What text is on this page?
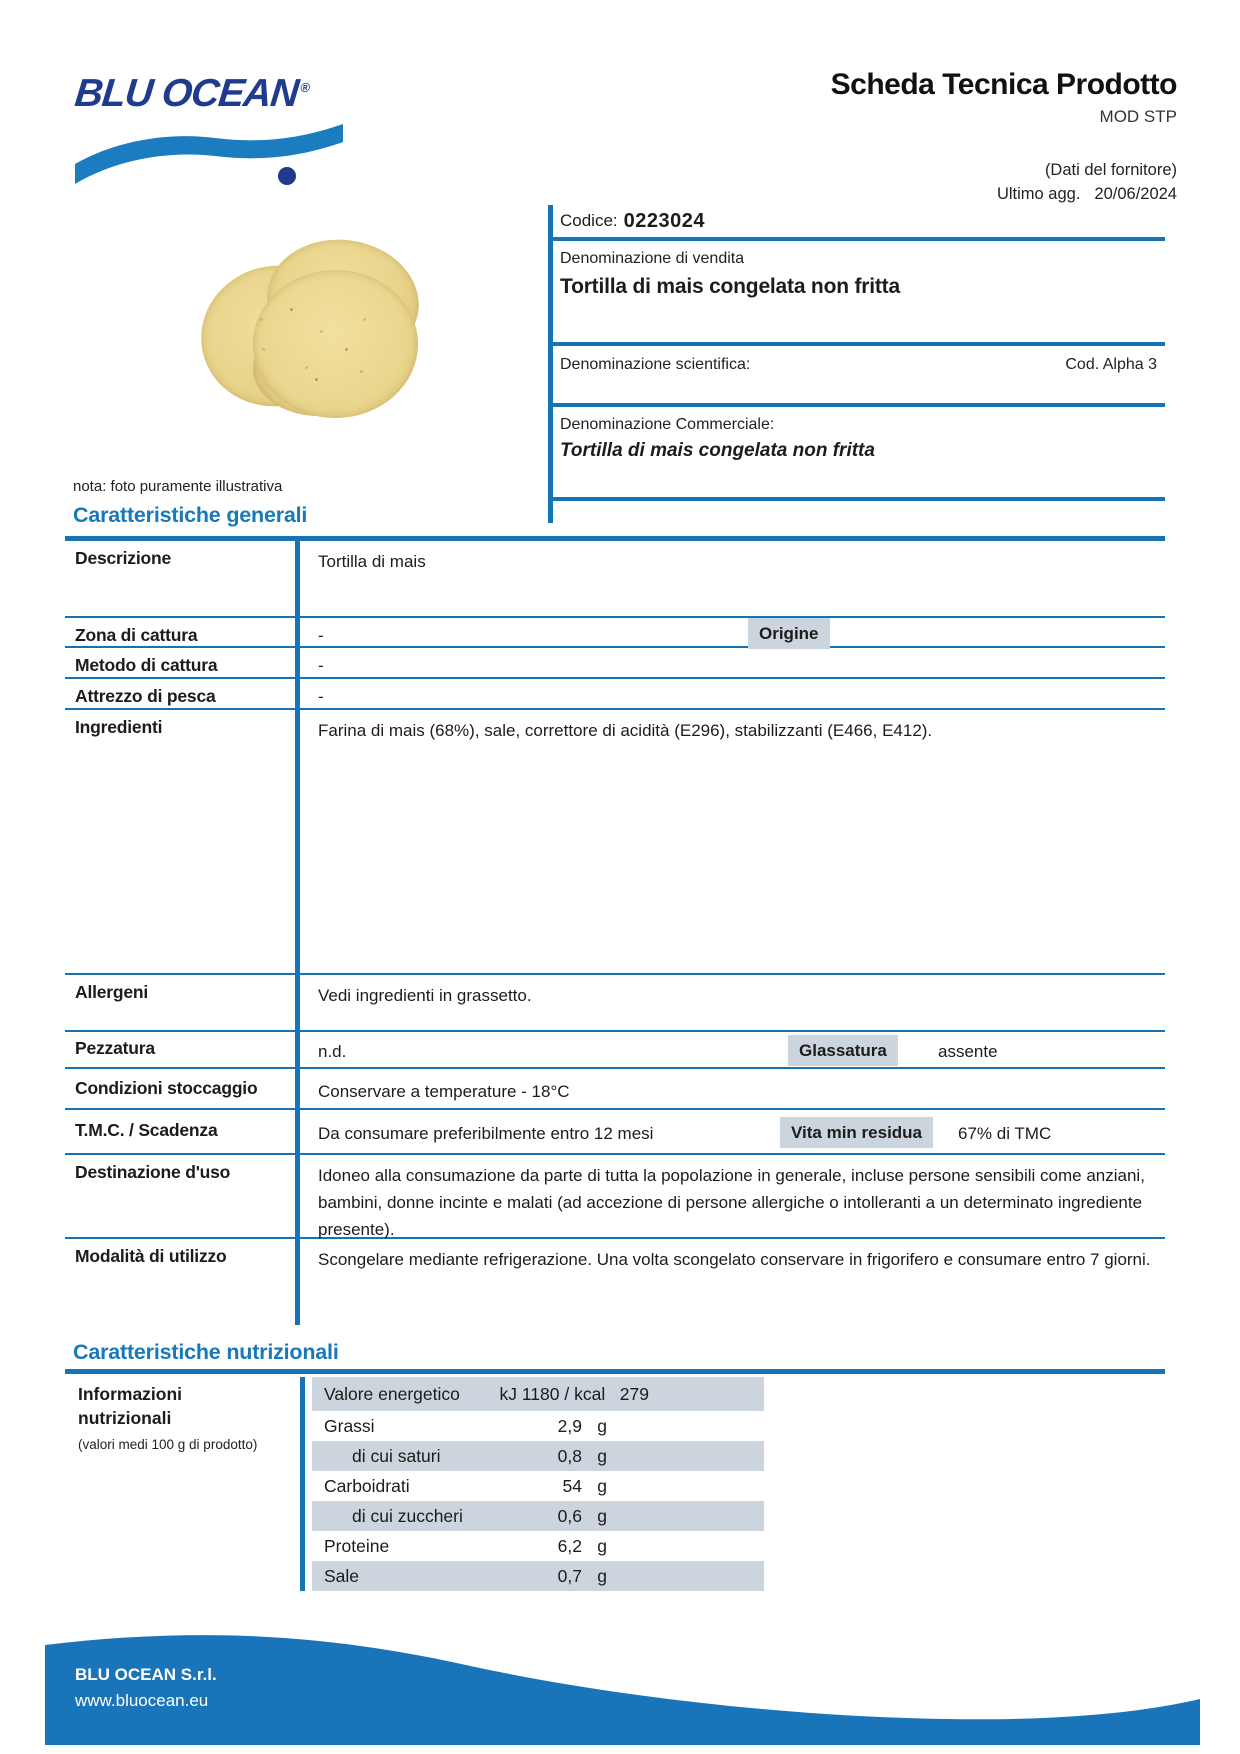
BLU OCEAN®	Scheda Tecnica Prodotto
MOD STP
(Dati del fornitore)
Ultimo agg. 20/06/2024
nota: foto puramente illustrativa
Codice: 0223024
Denominazione di vendita
Tortilla di mais congelata non fritta
Denominazione scientifica:	Cod. Alpha 3
Denominazione Commerciale:
Tortilla di mais congelata non fritta
Caratteristiche generali
Descrizione	Tortilla di mais
Zona di cattura	-	Origine
Metodo di cattura	-
Attrezzo di pesca	-
Ingredienti	Farina di mais (68%), sale, correttore di acidità (E296), stabilizzanti (E466, E412).
Allergeni	Vedi ingredienti in grassetto.
Pezzatura	n.d.	Glassatura	assente
Condizioni stoccaggio	Conservare a temperature - 18°C
T.M.C. / Scadenza	Da consumare preferibilmente entro 12 mesi	Vita min residua	67% di TMC
Destinazione d'uso	Idoneo alla consumazione da parte di tutta la popolazione in generale, incluse persone sensibili come anziani, bambini, donne incinte e malati (ad accezione di persone allergiche o intolleranti a un determinato ingrediente presente).
Modalità di utilizzo	Scongelare mediante refrigerazione. Una volta scongelato conservare in frigorifero e consumare entro 7 giorni.
Caratteristiche nutrizionali
Informazioni
nutrizionali
(valori medi 100 g di prodotto)
Valore energetico kJ 1180 / kcal   279
Grassi	2,9 g
di cui saturi	0,8 g
Carboidrati	54 g
di cui zuccheri	0,6 g
Proteine	6,2 g
Sale	0,7 g
BLU OCEAN S.r.l.
www.bluocean.eu
